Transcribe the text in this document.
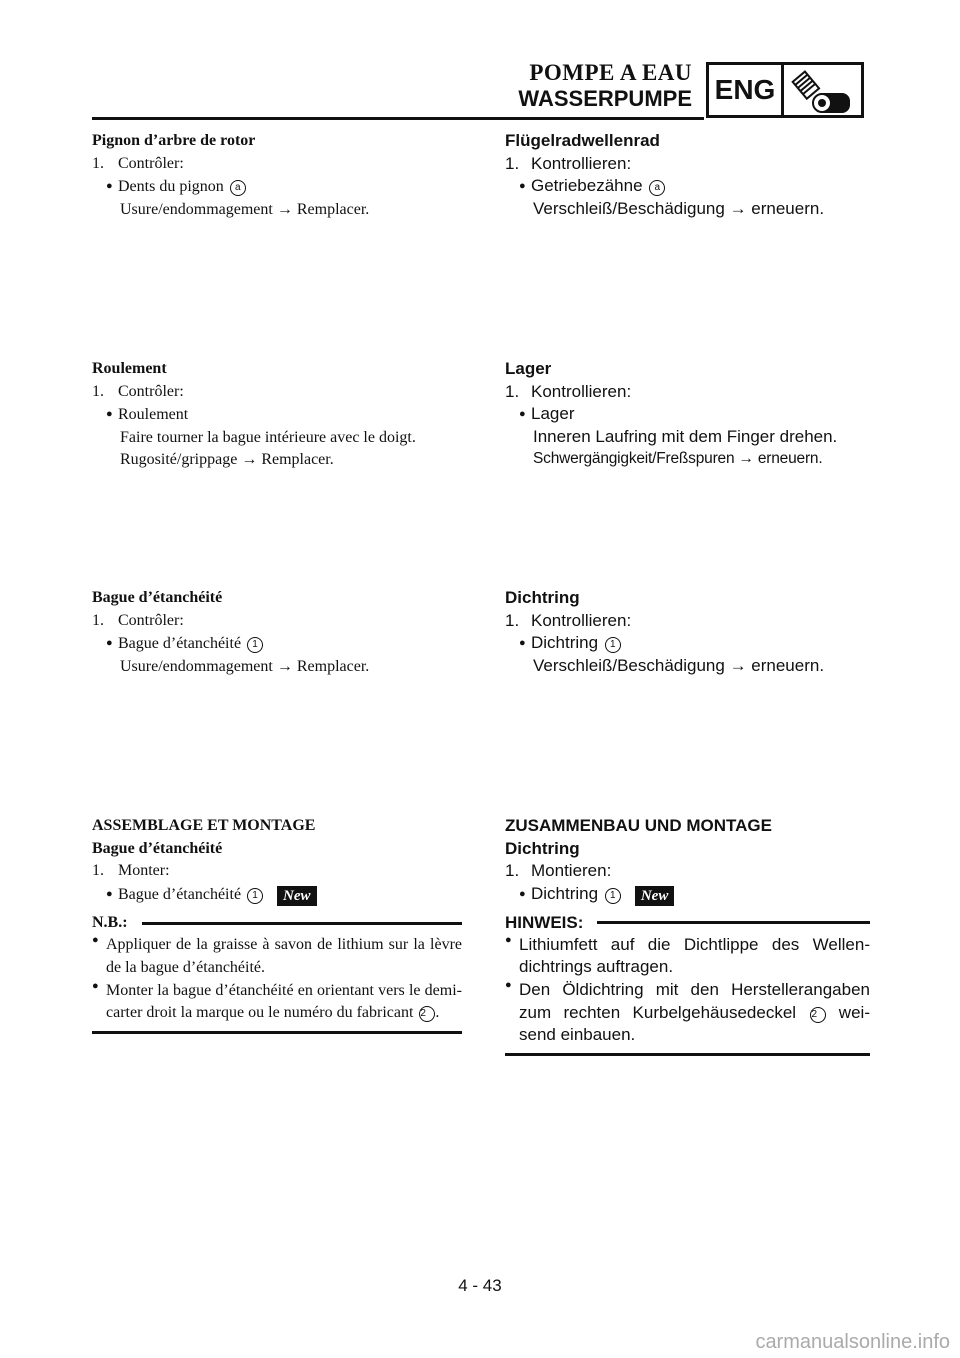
POMPE A EAU
WASSERPUMPE ENG
Pignon d’arbre de rotor
1. Contrôler:
● Dents du pignon a
Usure/endommagement → Remplacer.
Roulement
1. Contrôler:
● Roulement
Faire tourner la bague intérieure avec le doigt.
Rugosité/grippage → Remplacer.
Bague d’étanchéité
1. Contrôler:
● Bague d’étanchéité 1
Usure/endommagement → Remplacer.
ASSEMBLAGE ET MONTAGE
Bague d’étanchéité
1. Monter:
● Bague d’étanchéité 1 New
N.B.:
● Appliquer de la graisse à savon de lithium sur la lèvre de la bague d’étanchéité.
● Monter la bague d’étanchéité en orientant vers le demi-carter droit la marque ou le numéro du fabricant 2 .
Flügelradwellenrad
1. Kontrollieren:
● Getriebezähne a
Verschleiß/Beschädigung → erneuern.
Lager
1. Kontrollieren:
● Lager
Inneren Laufring mit dem Finger drehen.
Schwergängigkeit/Freßspuren → erneuern.
Dichtring
1. Kontrollieren:
● Dichtring 1
Verschleiß/Beschädigung → erneuern.
ZUSAMMENBAU UND MONTAGE
Dichtring
1. Montieren:
● Dichtring 1 New
HINWEIS:
● Lithiumfett auf die Dichtlippe des Wellen-dichtrings auftragen.
● Den Öldichtring mit den Herstellerangaben zum rechten Kurbelgehäusedeckel 2 wei-send einbauen.
4 - 43
carmanualsonline.info
